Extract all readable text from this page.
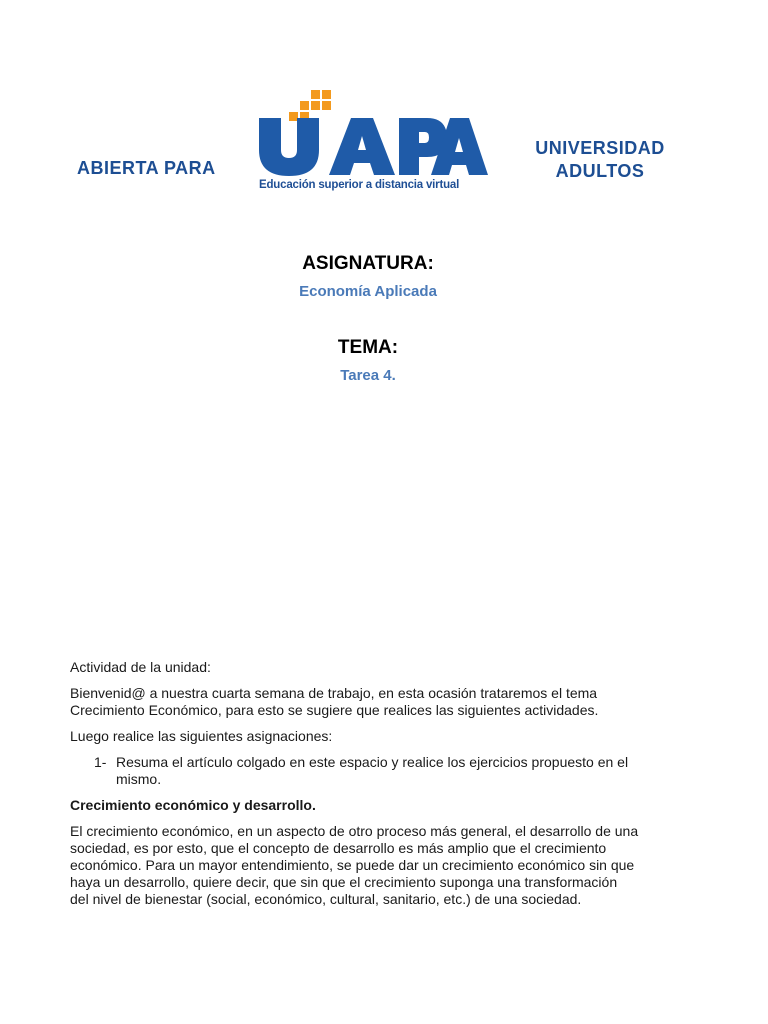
ABIERTA PARA
Educación superior a distancia virtual
UNIVERSIDAD
ADULTOS
ASIGNATURA:
Economía Aplicada
TEMA:
Tarea 4.

Actividad de la unidad:

Bienvenid@ a nuestra cuarta semana de trabajo, en esta ocasión trataremos el tema
Crecimiento Económico, para esto se sugiere que realices las siguientes actividades.

Luego realice las siguientes asignaciones:

1- Resuma el artículo colgado en este espacio y realice los ejercicios propuesto en el
mismo.

Crecimiento económico y desarrollo.

El crecimiento económico, en un aspecto de otro proceso más general, el desarrollo de una
sociedad, es por esto, que el concepto de desarrollo es más amplio que el crecimiento
económico. Para un mayor entendimiento, se puede dar un crecimiento económico sin que
haya un desarrollo, quiere decir, que sin que el crecimiento suponga una transformación
del nivel de bienestar (social, económico, cultural, sanitario, etc.) de una sociedad.
